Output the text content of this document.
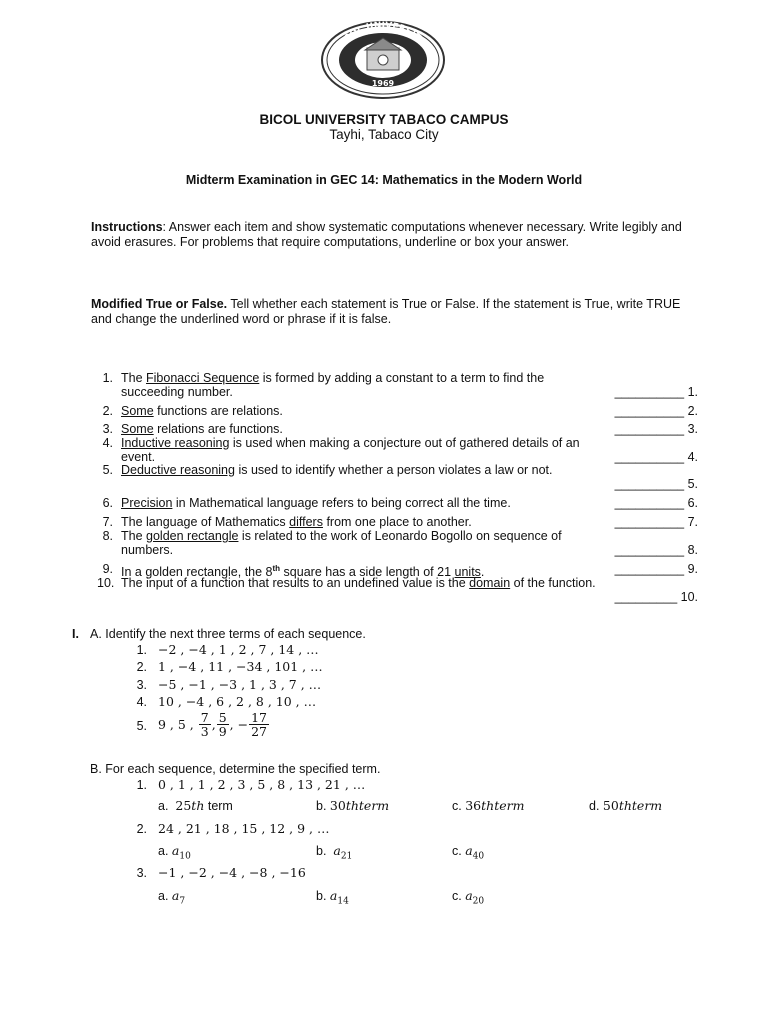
BICOL UNIVERSITY
1969
BICOL UNIVERSITY TABACO CAMPUS
Tayhi, Tabaco City
Midterm Examination in GEC 14: Mathematics in the Modern World
Instructions: Answer each item and show systematic computations whenever necessary. Write legibly and avoid erasures. For problems that require computations, underline or box your answer.
Modified True or False. Tell whether each statement is True or False. If the statement is True, write TRUE and change the underlined word or phrase if it is false.
1. The Fibonacci Sequence is formed by adding a constant to a term to find the succeeding number.	__________ 1.
2. Some functions are relations.	__________ 2.
3. Some relations are functions.	__________ 3.
4. Inductive reasoning is used when making a conjecture out of gathered details of an event.	__________ 4.
5. Deductive reasoning is used to identify whether a person violates a law or not.
__________ 5.
6. Precision in Mathematical language refers to being correct all the time.	__________ 6.
7. The language of Mathematics differs from one place to another.	__________ 7.
8. The golden rectangle is related to the work of Leonardo Bogollo on sequence of numbers.	__________ 8.
9. In a golden rectangle, the 8th square has a side length of 21 units.	__________ 9.
10. The input of a function that results to an undefined value is the domain of the function.
_________ 10.
I. A. Identify the next three terms of each sequence.
1. −2 , −4 , 1 , 2 , 7 , 14 , …
2. 1 , −4 , 11 , −34 , 101 , …
3. −5 , −1 , −3 , 1 , 3 , 7 , …
4. 10 , −4 , 6 , 2 , 8 , 10 , …
5. 9 , 5 , $\frac{7}{3}$ , $\frac{5}{9}$ , − $\frac{17}{27}$
B. For each sequence, determine the specified term.
1. 0 , 1 , 1 , 2 , 3 , 5 , 8 , 13 , 21 , …
a. 25th term	b. 30thterm	c. 36thterm	d. 50thterm
2. 24 , 21 , 18 , 15 , 12 , 9 , …
a. $a_{10}$	b. $a_{21}$	c. $a_{40}$
3. −1 , −2 , −4 , −8 , −16
a. $a_7$	b. $a_{14}$	c. $a_{20}$
